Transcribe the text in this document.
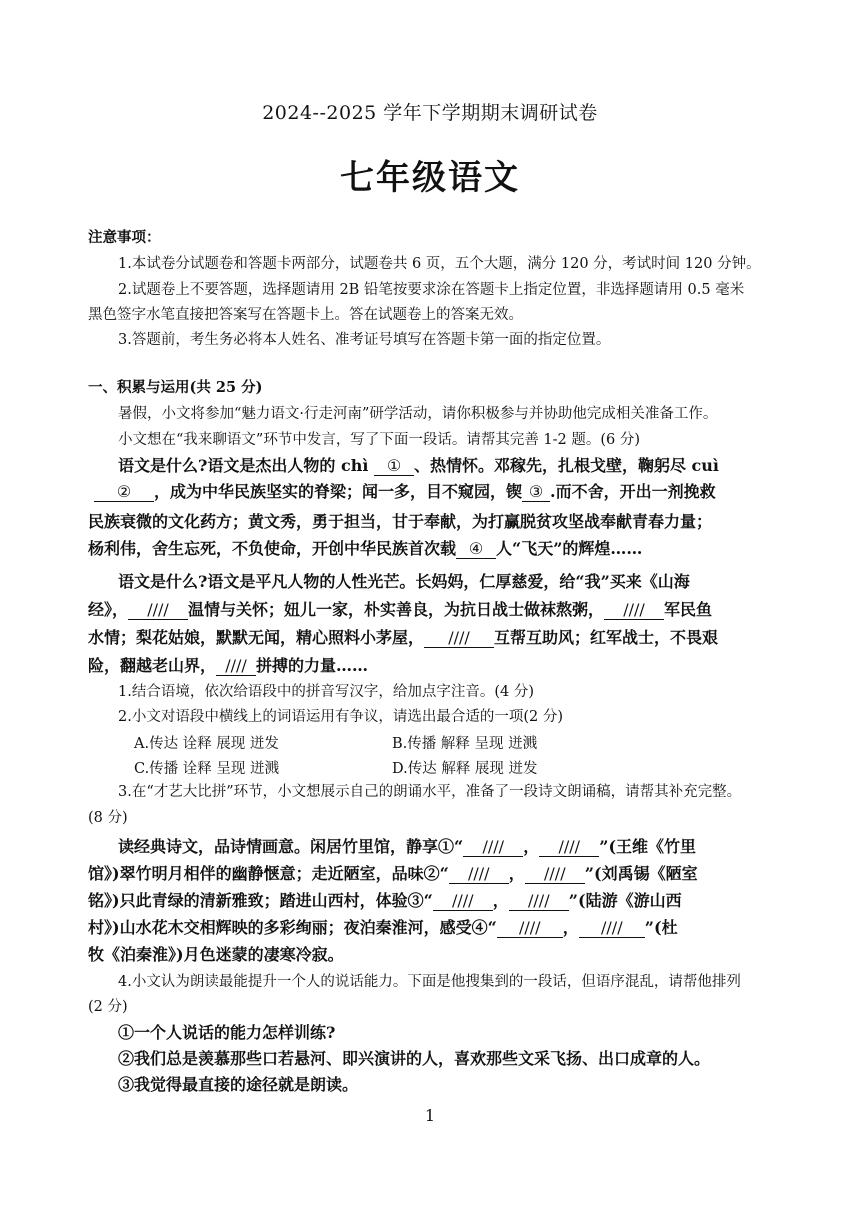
2024--2025 学年下学期期末调研试卷
七年级语文
注意事项：
1.本试卷分试题卷和答题卡两部分，试题卷共 6 页，五个大题，满分 120 分，考试时间 120 分钟。
2.试题卷上不要答题，选择题请用 2B 铅笔按要求涂在答题卡上指定位置，非选择题请用 0.5 毫米
黑色签字水笔直接把答案写在答题卡上。答在试题卷上的答案无效。
3.答题前，考生务必将本人姓名、准考证号填写在答题卡第一面的指定位置。
一、积累与运用(共 25 分)
暑假，小文将参加“魅力语文·行走河南”研学活动，请你积极参与并协助他完成相关准备工作。
小文想在“我来聊语文”环节中发言，写了下面一段话。请帮其完善 1-2 题。(6 分)
语文是什么?语文是杰出人物的 chì ① 、热情怀。邓稼先，扎根戈壁，鞠躬尽 cuì
② ，成为中华民族坚实的脊梁；闻一多，目不窥园，锲 ③ .而不舍，开出一剂挽救
民族衰微的文化药方；黄文秀，勇于担当，甘于奉献，为打赢脱贫攻坚战奉献青春力量；
杨利伟，舍生忘死，不负使命，开创中华民族首次载 ④ 人“飞天”的辉煌……
语文是什么?语文是平凡人物的人性光芒。长妈妈，仁厚慈爱，给“我”买来《山海
经》， //// 温情与关怀；妞儿一家，朴实善良，为抗日战士做袜熬粥， //// 军民鱼
水情；梨花姑娘，默默无闻，精心照料小茅屋， //// 互帮互助风；红军战士，不畏艰
险，翻越老山界， //// 拼搏的力量……
1.结合语境，依次给语段中的拼音写汉字，给加点字注音。(4 分)
2.小文对语段中横线上的词语运用有争议，请选出最合适的一项(2 分)
A.传达 诠释 展现 迸发	B.传播 解释 呈现 迸溅
C.传播 诠释 呈现 迸溅	D.传达 解释 展现 迸发
3.在“才艺大比拼”环节，小文想展示自己的朗诵水平，准备了一段诗文朗诵稿，请帮其补充完整。
(8 分)
读经典诗文，品诗情画意。闲居竹里馆，静享①“ //// ， //// ”(王维《竹里
馆》)翠竹明月相伴的幽静惬意；走近陋室，品味②“ //// ， //// ”(刘禹锡《陋室
铭》)只此青绿的清新雅致；踏进山西村，体验③“ //// ， //// ”(陆游《游山西
村》)山水花木交相辉映的多彩绚丽；夜泊秦淮河，感受④“ //// ， //// ”(杜
牧《泊秦淮》)月色迷蒙的凄寒冷寂。
4.小文认为朗读最能提升一个人的说话能力。下面是他搜集到的一段话，但语序混乱，请帮他排列
(2 分)
①一个人说话的能力怎样训练?
②我们总是羡慕那些口若悬河、即兴演讲的人，喜欢那些文采飞扬、出口成章的人。
③我觉得最直接的途径就是朗读。
1
